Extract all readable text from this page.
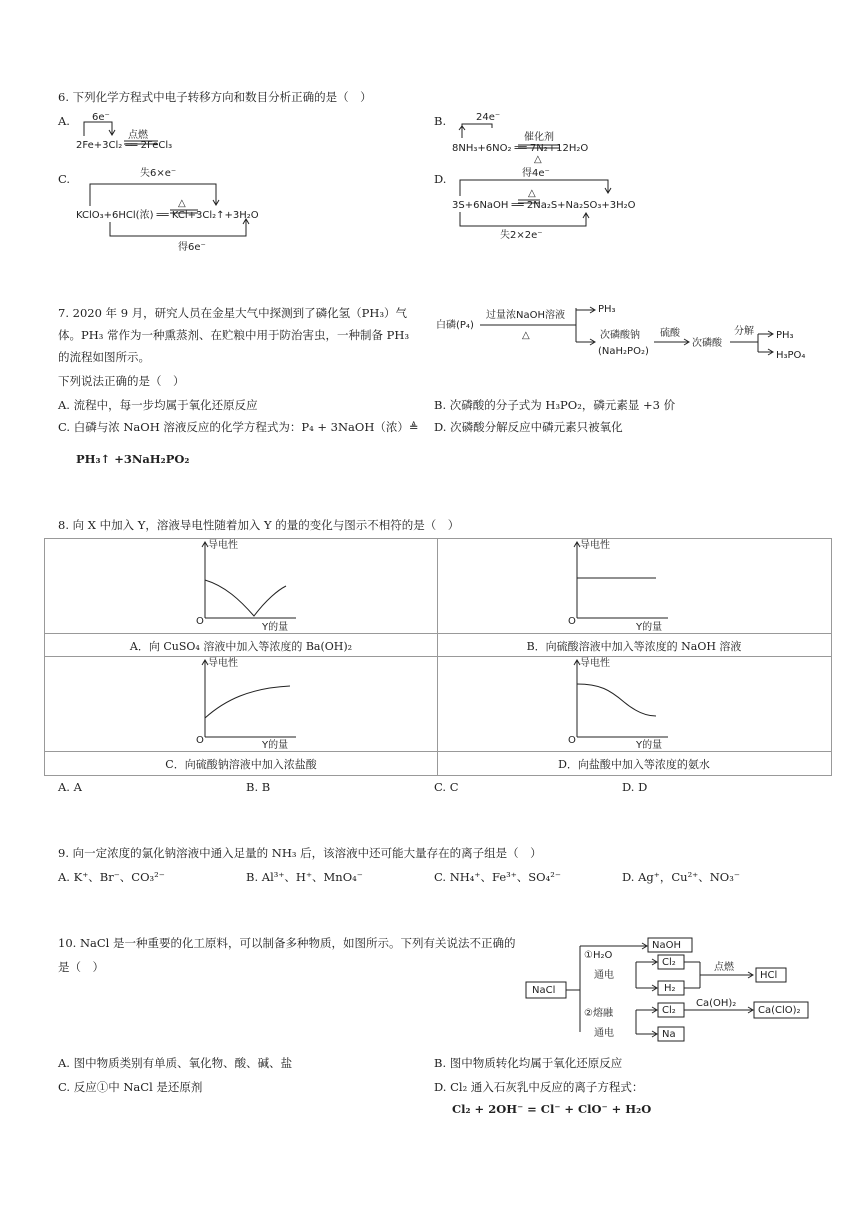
6. 下列化学方程式中电子转移方向和数目分析正确的是（　）
A. 6e⁻
点燃
2Fe+3Cl₂ ══ 2FeCl₃
B.	24e⁻
催化剂
8NH₃+6NO₂ ══ 7N₂+12H₂O
△
C.	失6×e⁻
△
KClO₃+6HCl(浓) ══ KCl+3Cl₂↑+3H₂O
得6e⁻
D.	得4e⁻
△
3S+6NaOH ══ 2Na₂S+Na₂SO₃+3H₂O
失2×2e⁻
7. 2020 年 9 月，研究人员在金星大气中探测到了磷化氢（PH₃）气
体。PH₃ 常作为一种熏蒸剂、在贮粮中用于防治害虫，一种制备 PH₃
的流程如图所示。
下列说法正确的是（　）
白磷(P₄)
过量浓NaOH溶液
△
PH₃
次磷酸钠
(NaH₂PO₂)
硫酸
次磷酸
分解 PH₃
H₃PO₄
A. 流程中，每一步均属于氧化还原反应	B. 次磷酸的分子式为 H₃PO₂，磷元素显 +3 价
C. 白磷与浓 NaOH 溶液反应的化学方程式为：P₄ + 3NaOH（浓）≜ D. 次磷酸分解反应中磷元素只被氧化
PH₃↑ +3NaH₂PO₂
8. 向 X 中加入 Y，溶液导电性随着加入 Y 的量的变化与图示不相符的是（　）
A．向 CuSO₄ 溶液中加入等浓度的 Ba(OH)₂	B．向硫酸溶液中加入等浓度的 NaOH 溶液
C．向硫酸钠溶液中加入浓盐酸	D．向盐酸中加入等浓度的氨水
导电性
Y的量
O
导电性
Y的量
O
导电性
Y的量
O
导电性
Y的量
O
A. A	B. B	C. C	D. D
9. 向一定浓度的氯化钠溶液中通入足量的 NH₃ 后，该溶液中还可能大量存在的离子组是（　）
A. K⁺、Br⁻、CO₃²⁻	B. Al³⁺、H⁺、MnO₄⁻	C. NH₄⁺、Fe³⁺、SO₄²⁻	D. Ag⁺，Cu²⁺、NO₃⁻
10. NaCl 是一种重要的化工原料，可以制备多种物质，如图所示。下列有关说法不正确的
是（　）
NaCl
①H₂O
通电
NaOH
Cl₂
H₂
点燃
HCl
②熔融
通电
Cl₂
Na
Ca(OH)₂
Ca(ClO)₂
A. 图中物质类别有单质、氧化物、酸、碱、盐	B. 图中物质转化均属于氧化还原反应
C. 反应①中 NaCl 是还原剂	D. Cl₂ 通入石灰乳中反应的离子方程式：
Cl₂ + 2OH⁻ = Cl⁻ + ClO⁻ + H₂O
